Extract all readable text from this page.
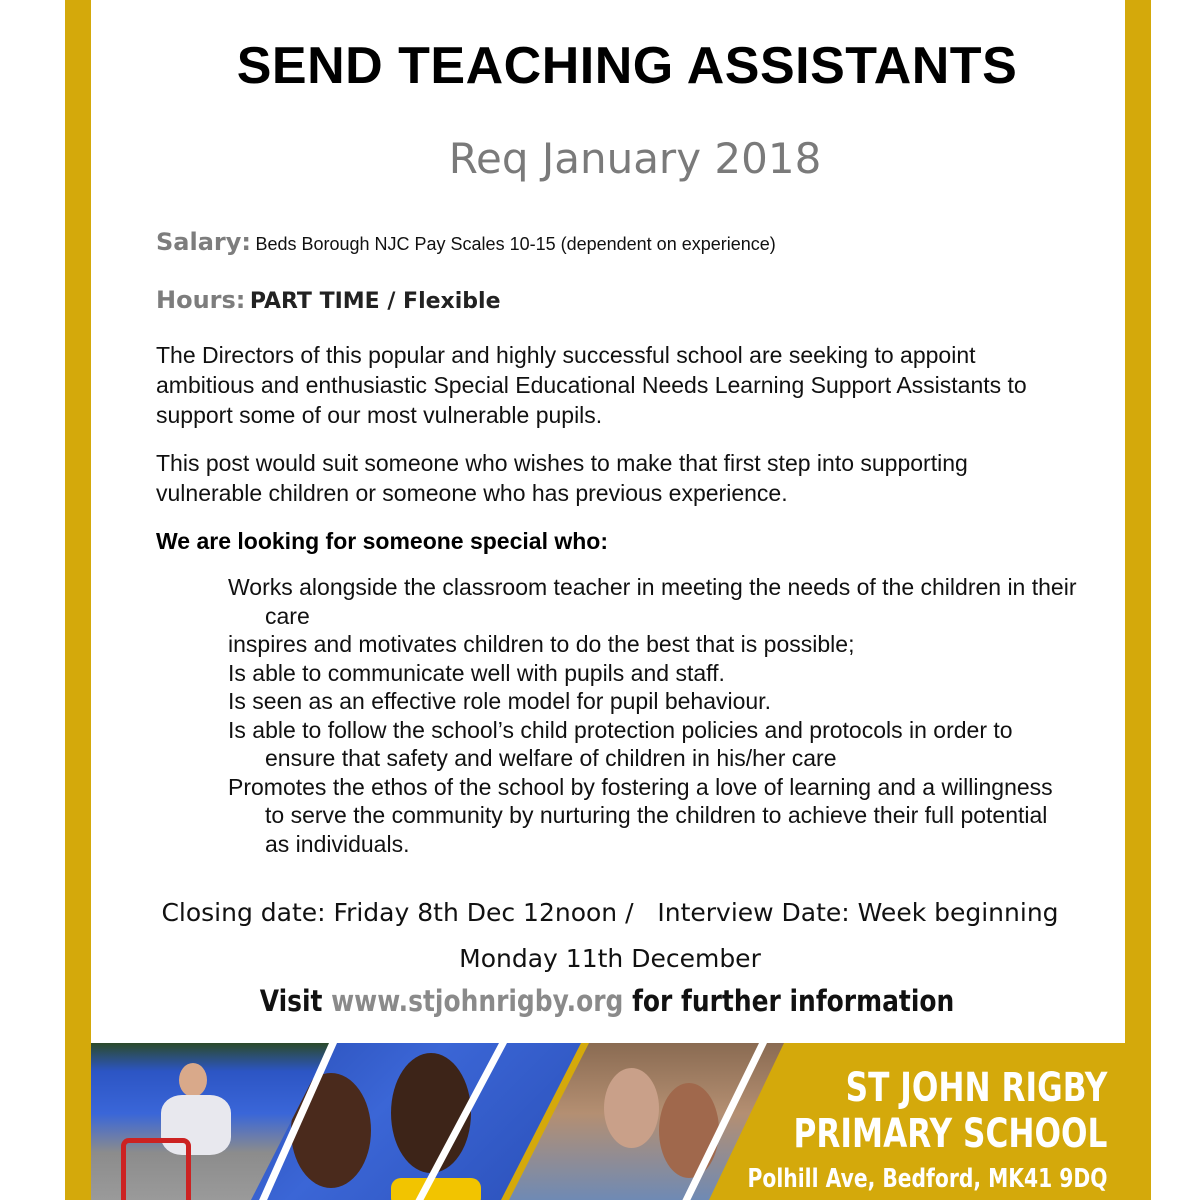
SEND TEACHING ASSISTANTS
Req January 2018
Salary: Beds Borough NJC Pay Scales 10-15 (dependent on experience)
Hours: PART TIME / Flexible
The Directors of this popular and highly successful school are seeking to appoint ambitious and enthusiastic Special Educational Needs Learning Support Assistants to support some of our most vulnerable pupils.
This post would suit someone who wishes to make that first step into supporting vulnerable children or someone who has previous experience.
We are looking for someone special who:
Works alongside the classroom teacher in meeting the needs of the children in their care
inspires and motivates children to do the best that is possible;
Is able to communicate well with pupils and staff.
Is seen as an effective role model for pupil behaviour.
Is able to follow the school’s child protection policies and protocols in order to ensure that safety and welfare of children in his/her care
Promotes the ethos of the school by fostering a love of learning and a willingness to serve the community by nurturing the children to achieve their full potential as individuals.
Closing date: Friday 8th Dec 12noon /   Interview Date: Week beginning
Monday 11th December
Visit www.stjohnrigby.org for further information
ST JOHN RIGBY
PRIMARY SCHOOL
Polhill Ave, Bedford, MK41 9DQ
